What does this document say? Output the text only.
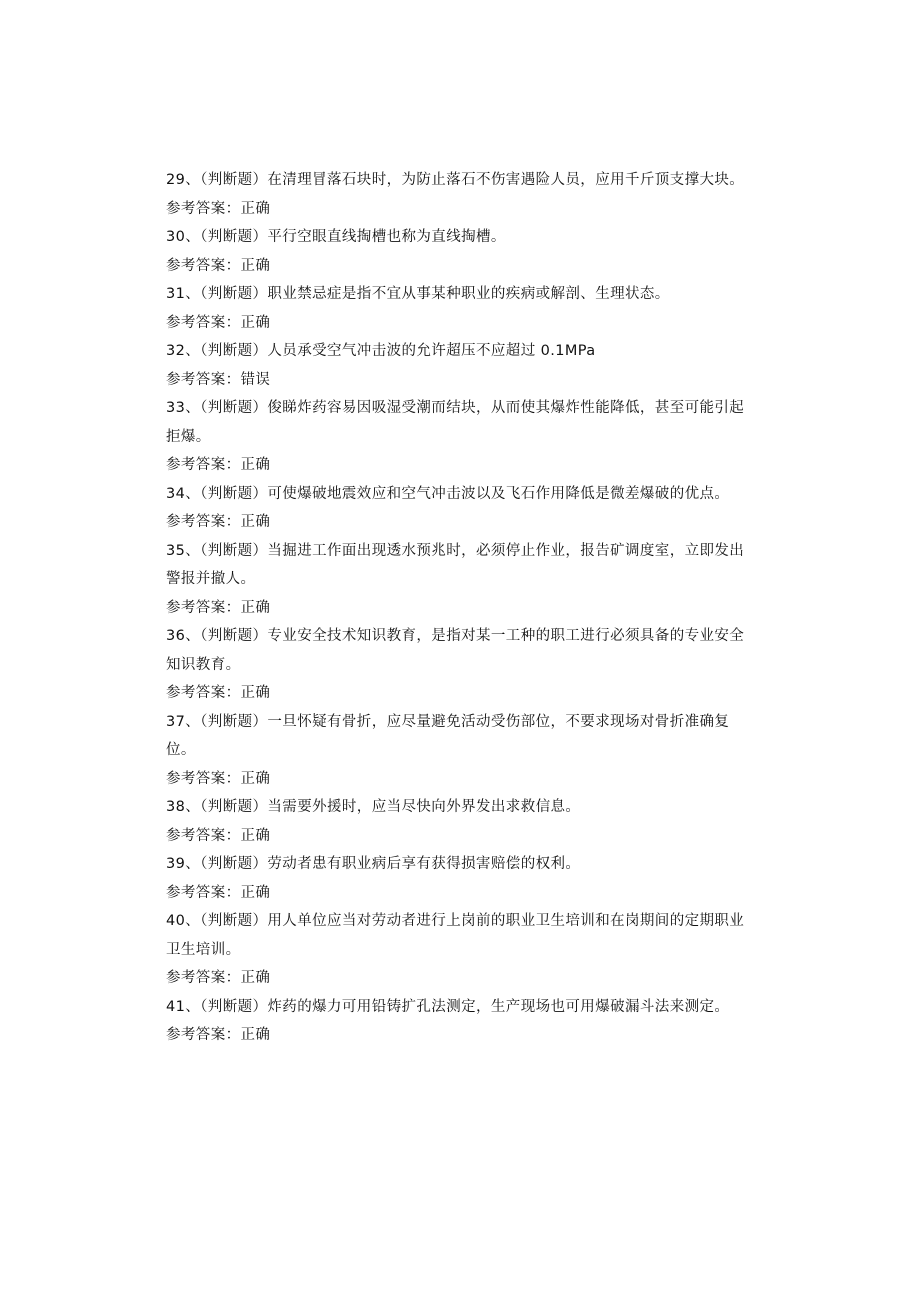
29、（判断题）在清理冒落石块时，为防止落石不伤害遇险人员，应用千斤顶支撑大块。

参考答案：正确

30、（判断题）平行空眼直线掏槽也称为直线掏槽。

参考答案：正确

31、（判断题）职业禁忌症是指不宜从事某种职业的疾病或解剖、生理状态。

参考答案：正确

32、（判断题）人员承受空气冲击波的允许超压不应超过 0.1MPa

参考答案：错误

33、（判断题）俊睇炸药容易因吸湿受潮而结块，从而使其爆炸性能降低，甚至可能引起拒爆。

参考答案：正确

34、（判断题）可使爆破地震效应和空气冲击波以及飞石作用降低是微差爆破的优点。

参考答案：正确

35、（判断题）当掘进工作面出现透水预兆时，必须停止作业，报告矿调度室，立即发出警报并撤人。

参考答案：正确

36、（判断题）专业安全技术知识教育，是指对某一工种的职工进行必须具备的专业安全知识教育。

参考答案：正确

37、（判断题）一旦怀疑有骨折，应尽量避免活动受伤部位，不要求现场对骨折准确复位。

参考答案：正确

38、（判断题）当需要外援时，应当尽快向外界发出求救信息。

参考答案：正确

39、（判断题）劳动者患有职业病后享有获得损害赔偿的权利。

参考答案：正确

40、（判断题）用人单位应当对劳动者进行上岗前的职业卫生培训和在岗期间的定期职业卫生培训。

参考答案：正确

41、（判断题）炸药的爆力可用铅铸扩孔法测定，生产现场也可用爆破漏斗法来测定。

参考答案：正确
